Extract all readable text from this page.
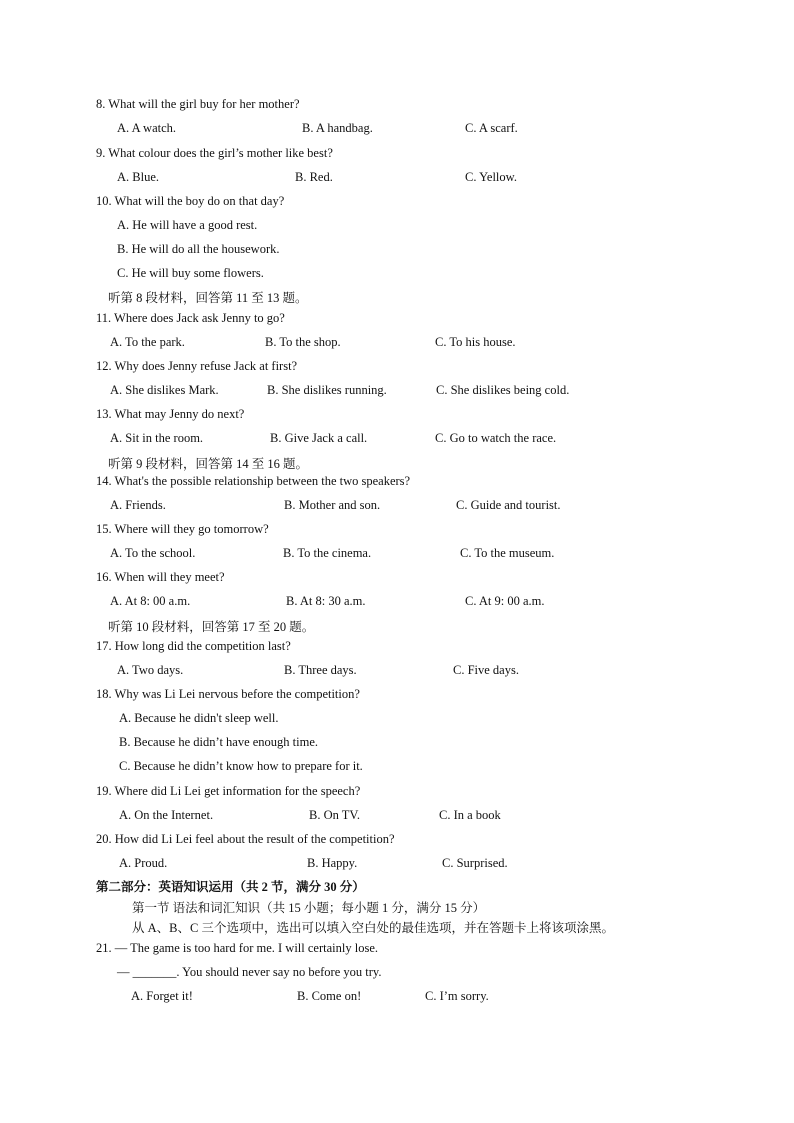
8. What will the girl buy for her mother?
A. A watch.	B. A handbag.	C. A scarf.
9. What colour does the girl’s mother like best?
A. Blue.	B. Red.	C. Yellow.
10. What will the boy do on that day?
A. He will have a good rest.
B. He will do all the housework.
C. He will buy some flowers.
听第 8 段材料，回答第 11 至 13 题。
11. Where does Jack ask Jenny to go?
A. To the park.	B. To the shop.	C. To his house.
12. Why does Jenny refuse Jack at first?
A. She dislikes Mark.	B. She dislikes running.	C. She dislikes being cold.
13. What may Jenny do next?
A. Sit in the room.	B. Give Jack a call.	C. Go to watch the race.
听第 9 段材料，回答第 14 至 16 题。
14. What's the possible relationship between the two speakers?
A. Friends.	B. Mother and son.	C. Guide and tourist.
15. Where will they go tomorrow?
A. To the school.	B. To the cinema.	C. To the museum.
16. When will they meet?
A. At 8: 00 a.m.	B. At 8: 30 a.m.	C. At 9: 00 a.m.
听第 10 段材料，回答第 17 至 20 题。
17. How long did the competition last?
A. Two days.	B. Three days.	C. Five days.
18. Why was Li Lei nervous before the competition?
A. Because he didn't sleep well.
B. Because he didn’t have enough time.
C. Because he didn’t know how to prepare for it.
19. Where did Li Lei get information for the speech?
A. On the Internet.	B. On TV.	C. In a book
20. How did Li Lei feel about the result of the competition?
A. Proud.	B. Happy.	C. Surprised.
第二部分：英语知识运用（共 2 节，满分 30 分）
第一节 语法和词汇知识（共 15 小题；每小题 1 分，满分 15 分）
从 A、B、C 三个选项中，选出可以填入空白处的最佳选项，并在答题卡上将该项涂黑。
21. — The game is too hard for me. I will certainly lose.
— _______. You should never say no before you try.
A. Forget it!	B. Come on!	C. I’m sorry.
